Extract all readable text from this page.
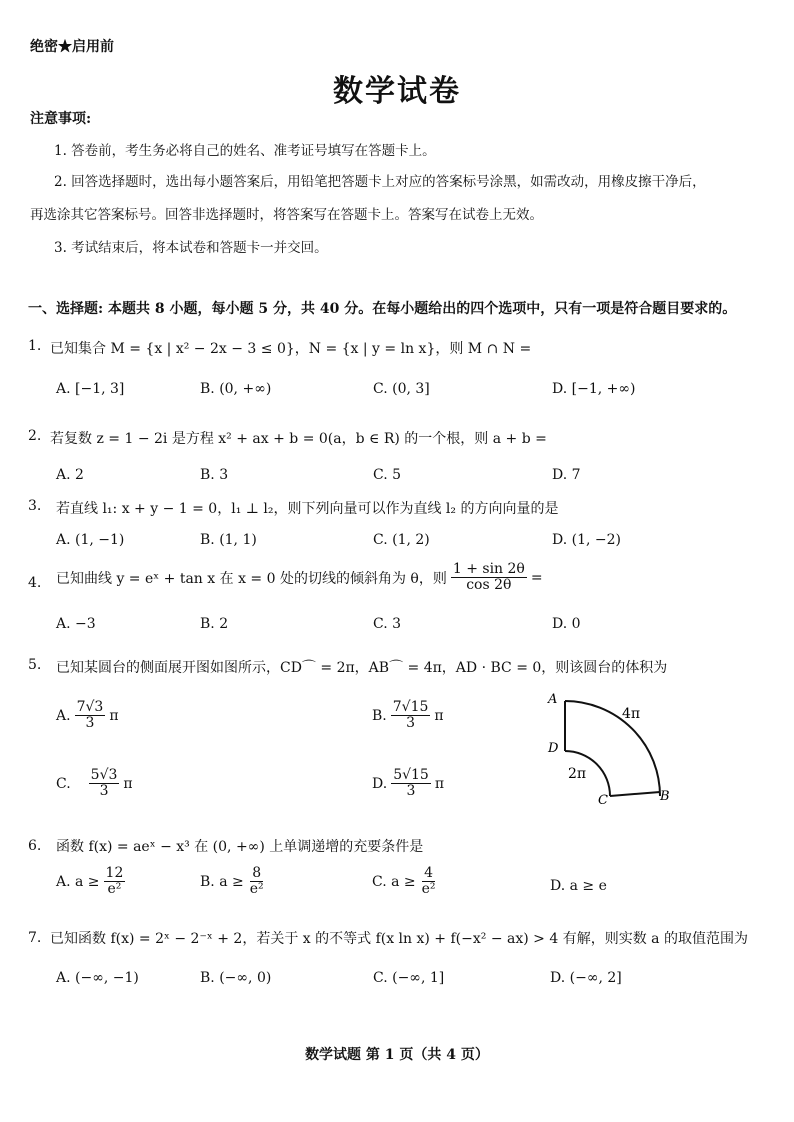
绝密★启用前
数学试卷
注意事项:
1. 答卷前，考生务必将自己的姓名、准考证号填写在答题卡上。
2. 回答选择题时，选出每小题答案后，用铅笔把答题卡上对应的答案标号涂黑，如需改动，用橡皮擦干净后，
再选涂其它答案标号。回答非选择题时，将答案写在答题卡上。答案写在试卷上无效。
3. 考试结束后，将本试卷和答题卡一并交回。
一、选择题: 本题共 8 小题，每小题 5 分，共 40 分。在每小题给出的四个选项中，只有一项是符合题目要求的。
1. 已知集合 M = {x | x² − 2x − 3 ≤ 0}，N = {x | y = ln x}，则 M ∩ N =
A. [−1, 3]	B. (0, +∞)	C. (0, 3]	D. [−1, +∞)
2. 若复数 z = 1 − 2i 是方程 x² + ax + b = 0(a，b ∈ R) 的一个根，则 a + b =
A. 2	B. 3	C. 5	D. 7
3. 若直线 l₁: x + y − 1 = 0，l₁ ⊥ l₂，则下列向量可以作为直线 l₂ 的方向向量的是
A. (1, −1)	B. (1, 1)	C. (1, 2)	D. (1, −2)
4. 已知曲线 y = eˣ + tan x 在 x = 0 处的切线的倾斜角为 θ，则 $\frac{1 + \sin 2\theta}{\cos 2\theta}$ =
A. −3	B. 2	C. 3	D. 0
5. 已知某圆台的侧面展开图如图所示，CD⌒ = 2π，AB⌒ = 4π，AD · BC = 0，则该圆台的体积为
A. $\frac{7√3}{3}$ π	B. $\frac{7√15}{3}$ π
C. $\frac{5√3}{3}$ π	D. $\frac{5√15}{3}$ π
A
D
C	B
4π
2π
6. 函数 f(x) = aeˣ − x³ 在 (0, +∞) 上单调递增的充要条件是
A. $a \ge \frac{12}{\text{e²}}$	B. $a \ge \frac{8}{\text{e²}}$	C. $a \ge \frac{4}{\text{e²}}$	D. a ≥ e
7. 已知函数 f(x) = 2ˣ − 2⁻ˣ + 2，若关于 x 的不等式 f(x ln x) + f(−x² − ax) > 4 有解，则实数 a 的取值范围为
A. (−∞, −1)	B. (−∞, 0)	C. (−∞, 1]	D. (−∞, 2]
数学试题 第 1 页（共 4 页）
